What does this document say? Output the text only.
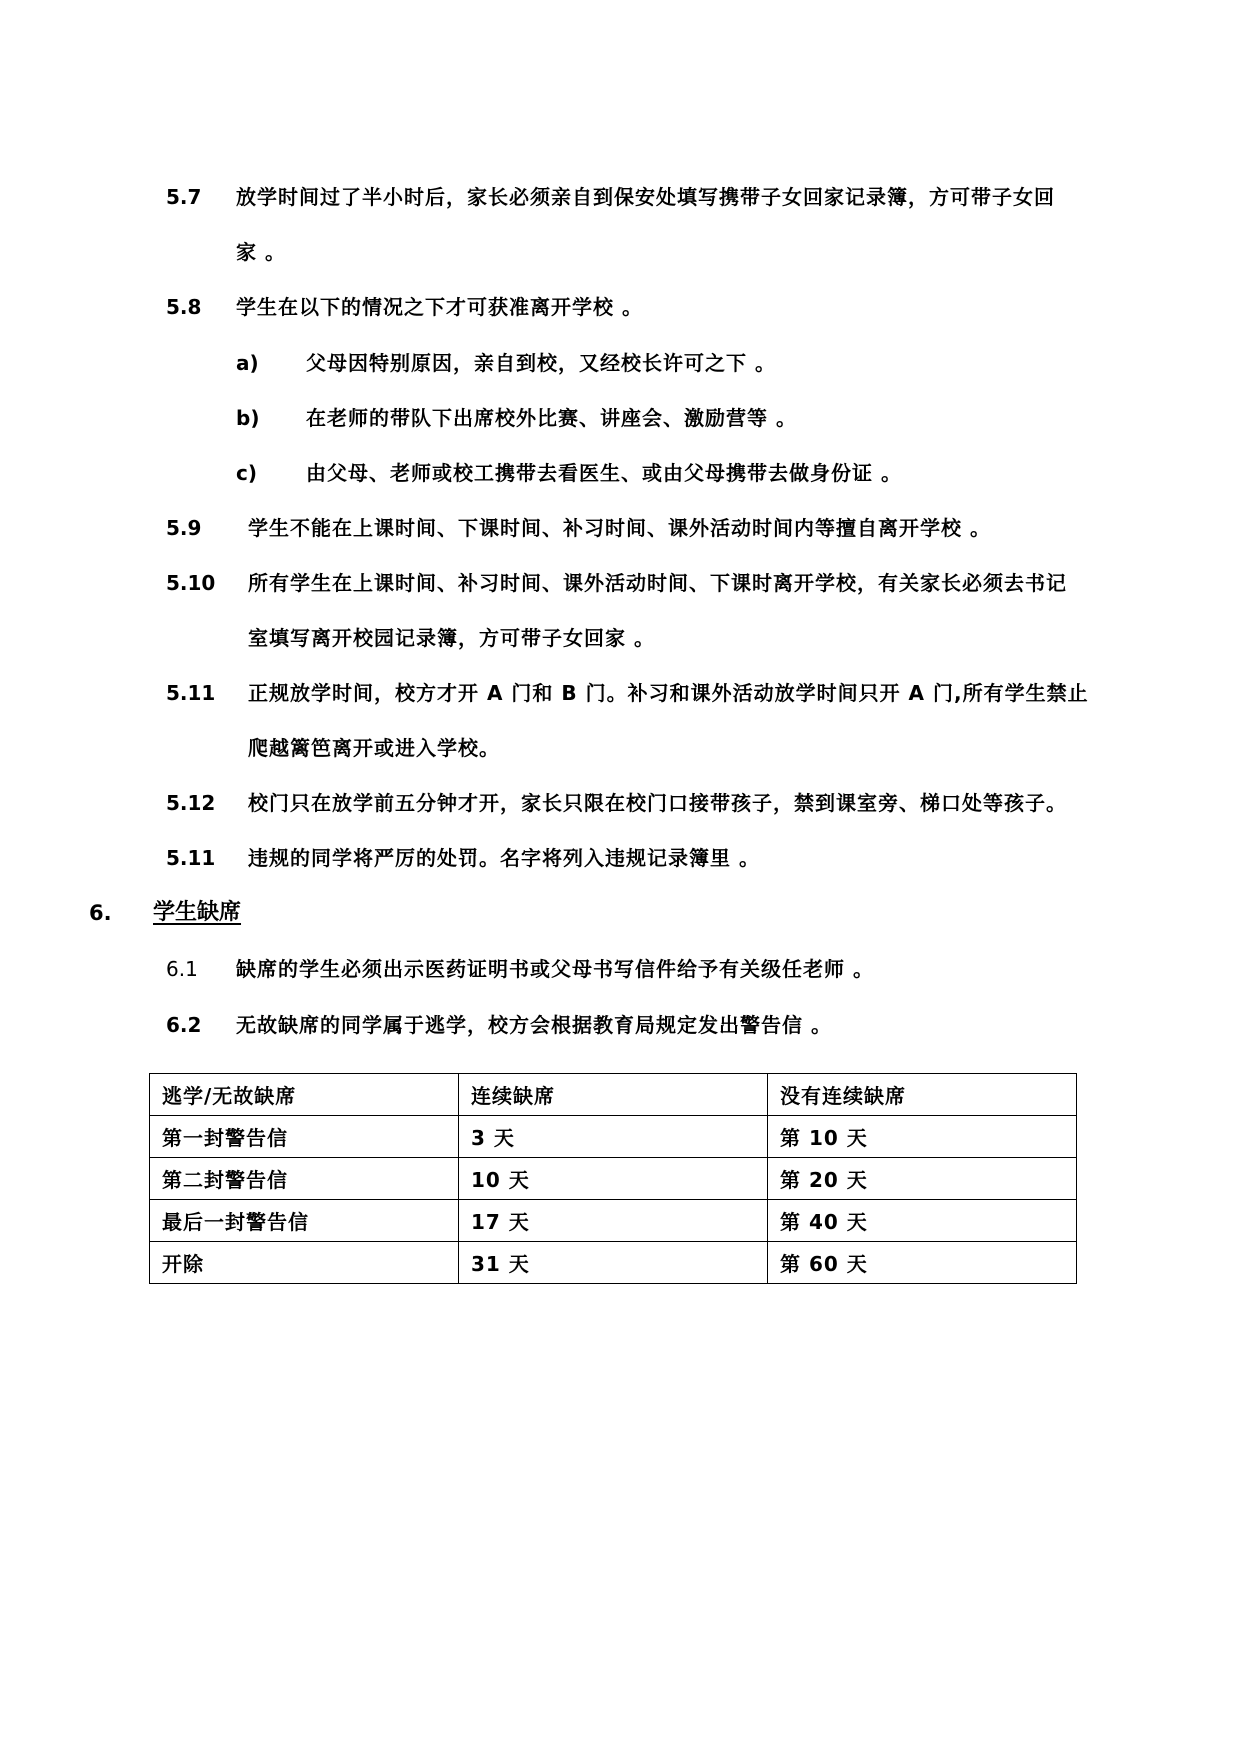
5.7 放学时间过了半小时后，家长必须亲自到保安处填写携带子女回家记录簿，方可带子女回
家 。
5.8 学生在以下的情况之下才可获准离开学校 。
a) 父母因特别原因，亲自到校，又经校长许可之下 。
b) 在老师的带队下出席校外比赛、讲座会、激励营等 。
c) 由父母、老师或校工携带去看医生、或由父母携带去做身份证 。
5.9 学生不能在上课时间、下课时间、补习时间、课外活动时间内等擅自离开学校 。
5.10 所有学生在上课时间、补习时间、课外活动时间、下课时离开学校，有关家长必须去书记
室填写离开校园记录簿，方可带子女回家 。
5.11 正规放学时间，校方才开 A 门和 B 门。补习和课外活动放学时间只开 A 门,所有学生禁止
爬越篱笆离开或进入学校。
5.12 校门只在放学前五分钟才开，家长只限在校门口接带孩子，禁到课室旁、梯口处等孩子。
5.11 违规的同学将严厉的处罚。名字将列入违规记录簿里 。
6. 学生缺席
6.1 缺席的学生必须出示医药证明书或父母书写信件给予有关级任老师 。
6.2 无故缺席的同学属于逃学，校方会根据教育局规定发出警告信 。
逃学/无故缺席	连续缺席	没有连续缺席
第一封警告信	3 天	第 10 天
第二封警告信	10 天	第 20 天
最后一封警告信	17 天	第 40 天
开除	31 天	第 60 天
